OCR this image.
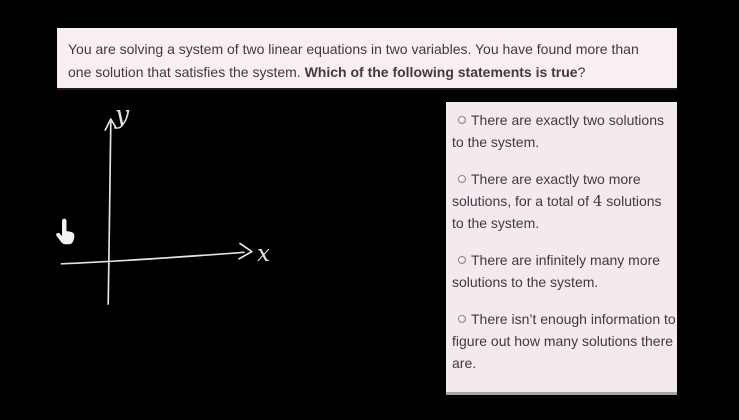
You are solving a system of two linear equations in two variables. You have found more than one solution that satisfies the system. Which of the following statements is true?
y
x

There are exactly two solutions to the system.

There are exactly two more solutions, for a total of 4 solutions to the system.

There are infinitely many more solutions to the system.

There isn’t enough information to figure out how many solutions there are.
